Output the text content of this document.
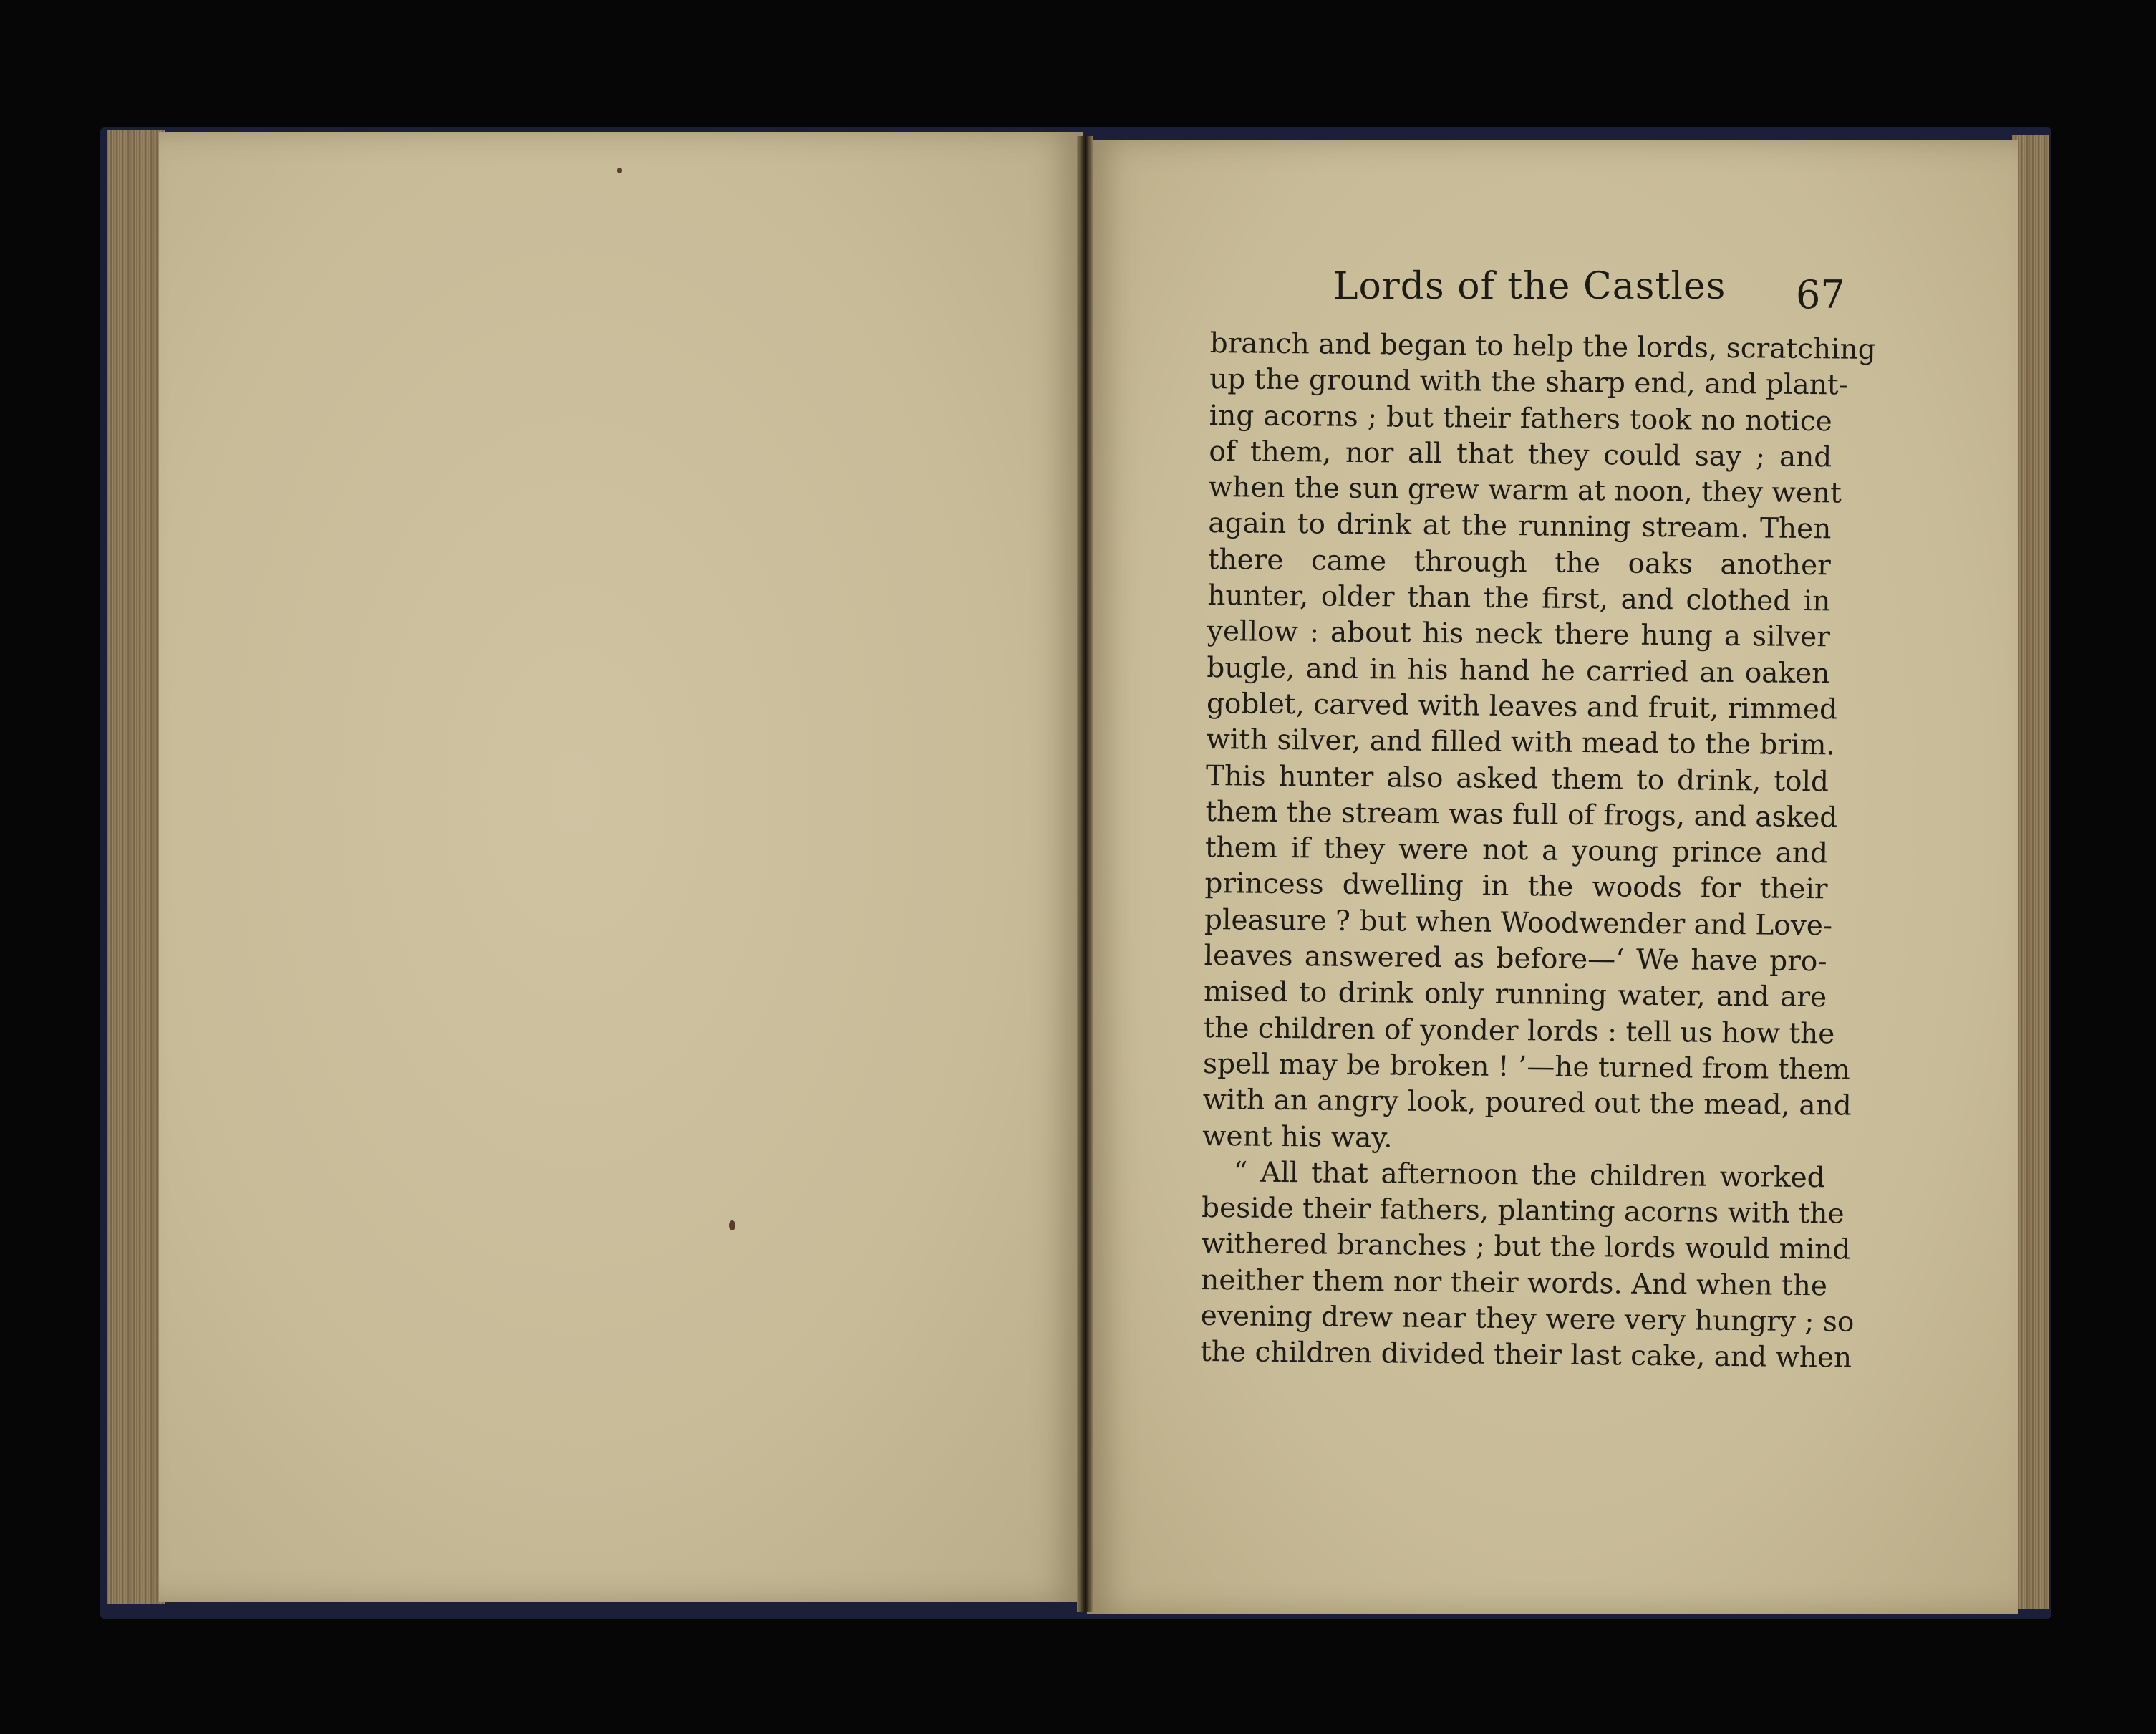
Lords of the Castles	67
branch and began to help the lords, scratching
up the ground with the sharp end, and plant-
ing acorns ; but their fathers took no notice
of them, nor all that they could say ; and
when the sun grew warm at noon, they went
again to drink at the running stream. Then
there came through the oaks another
hunter, older than the first, and clothed in
yellow : about his neck there hung a silver
bugle, and in his hand he carried an oaken
goblet, carved with leaves and fruit, rimmed
with silver, and filled with mead to the brim.
This hunter also asked them to drink, told
them the stream was full of frogs, and asked
them if they were not a young prince and
princess dwelling in the woods for their
pleasure ? but when Woodwender and Love-
leaves answered as before—‘ We have pro-
mised to drink only running water, and are
the children of yonder lords : tell us how the
spell may be broken ! ’—he turned from them
with an angry look, poured out the mead, and
went his way.
“ All that afternoon the children worked
beside their fathers, planting acorns with the
withered branches ; but the lords would mind
neither them nor their words. And when the
evening drew near they were very hungry ; so
the children divided their last cake, and when
